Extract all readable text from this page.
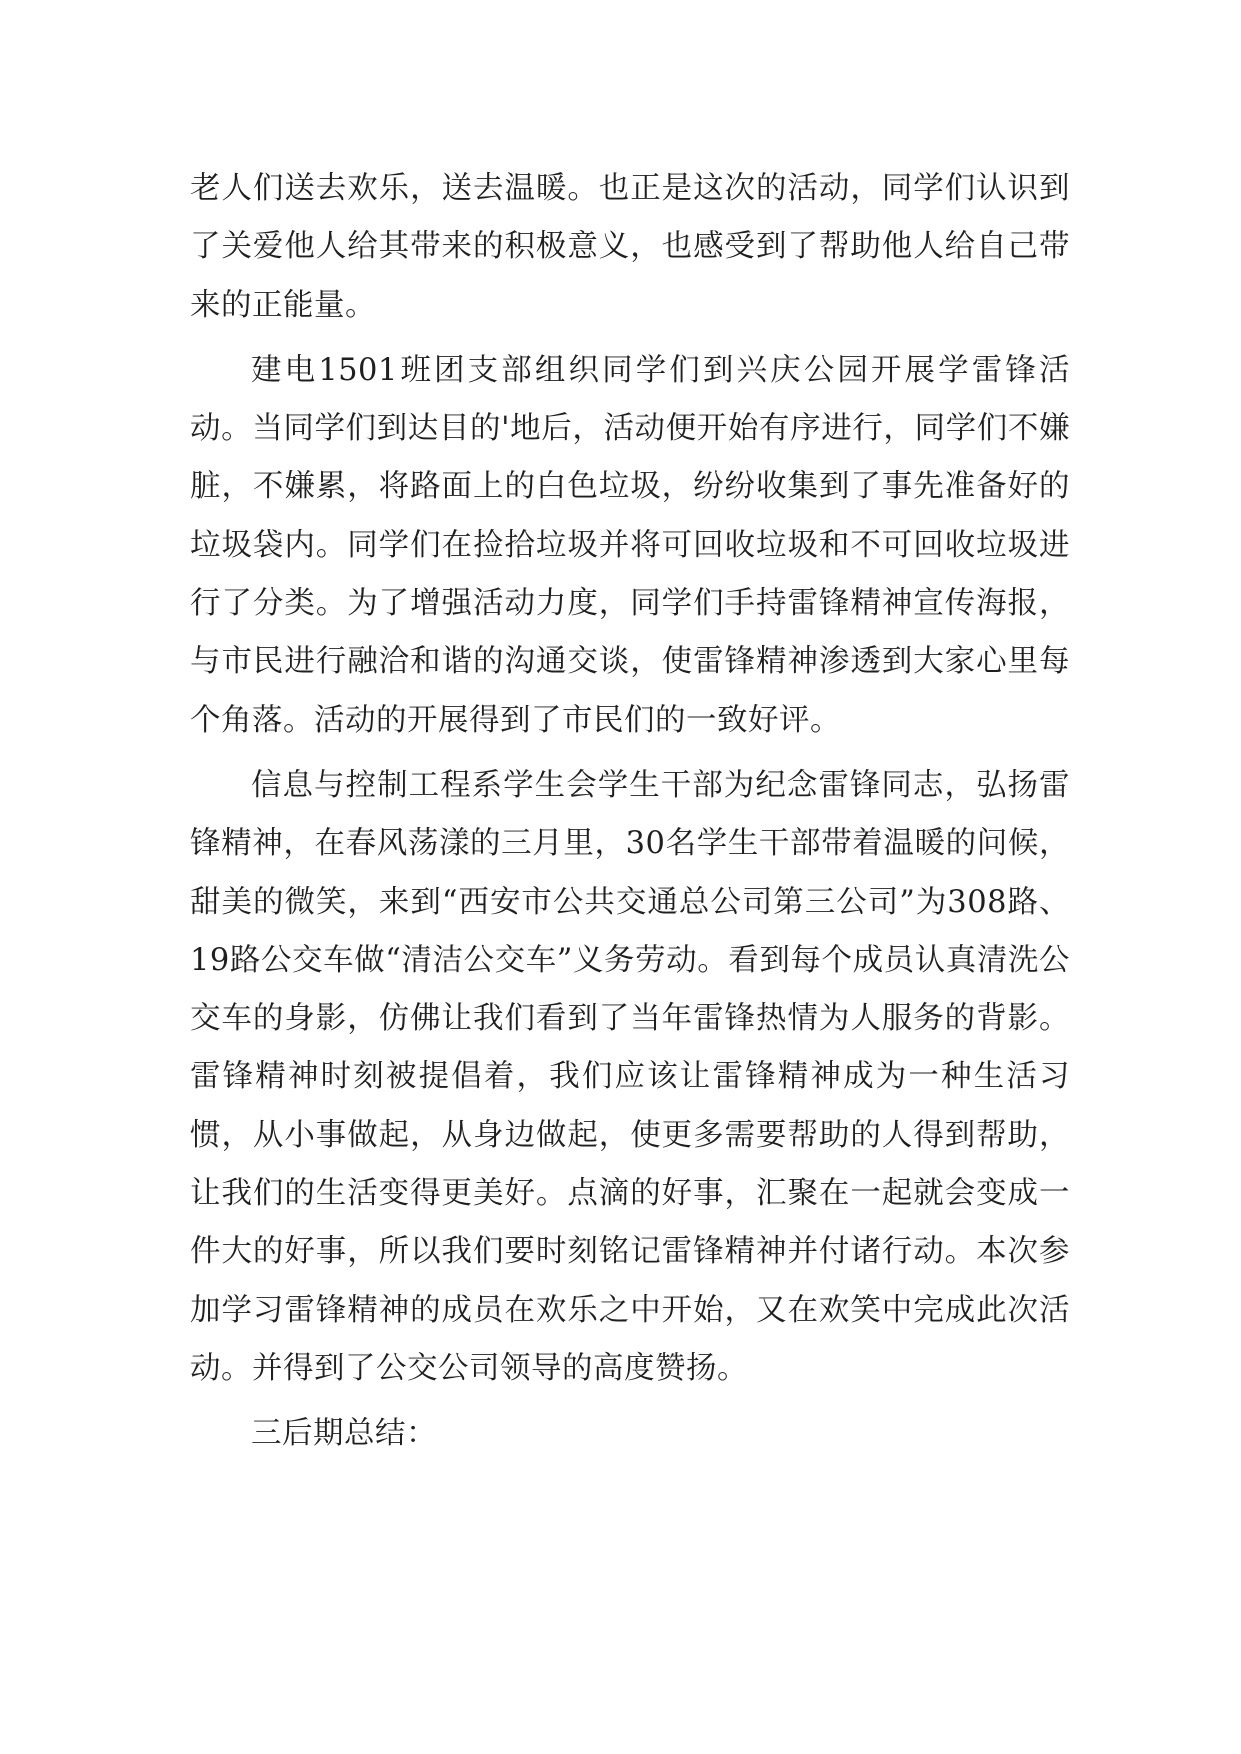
老人们送去欢乐，送去温暖。也正是这次的活动，同学们认识到了关爱他人给其带来的积极意义，也感受到了帮助他人给自己带来的正能量。

建电1501班团支部组织同学们到兴庆公园开展学雷锋活动。当同学们到达目的'地后，活动便开始有序进行，同学们不嫌脏，不嫌累，将路面上的白色垃圾，纷纷收集到了事先准备好的垃圾袋内。同学们在捡拾垃圾并将可回收垃圾和不可回收垃圾进行了分类。为了增强活动力度，同学们手持雷锋精神宣传海报，与市民进行融洽和谐的沟通交谈，使雷锋精神渗透到大家心里每个角落。活动的开展得到了市民们的一致好评。

信息与控制工程系学生会学生干部为纪念雷锋同志，弘扬雷锋精神，在春风荡漾的三月里，30名学生干部带着温暖的问候，甜美的微笑，来到“西安市公共交通总公司第三公司”为308路、19路公交车做“清洁公交车”义务劳动。看到每个成员认真清洗公交车的身影，仿佛让我们看到了当年雷锋热情为人服务的背影。雷锋精神时刻被提倡着，我们应该让雷锋精神成为一种生活习惯，从小事做起，从身边做起，使更多需要帮助的人得到帮助，让我们的生活变得更美好。点滴的好事，汇聚在一起就会变成一件大的好事，所以我们要时刻铭记雷锋精神并付诸行动。本次参加学习雷锋精神的成员在欢乐之中开始，又在欢笑中完成此次活动。并得到了公交公司领导的高度赞扬。

三后期总结：
